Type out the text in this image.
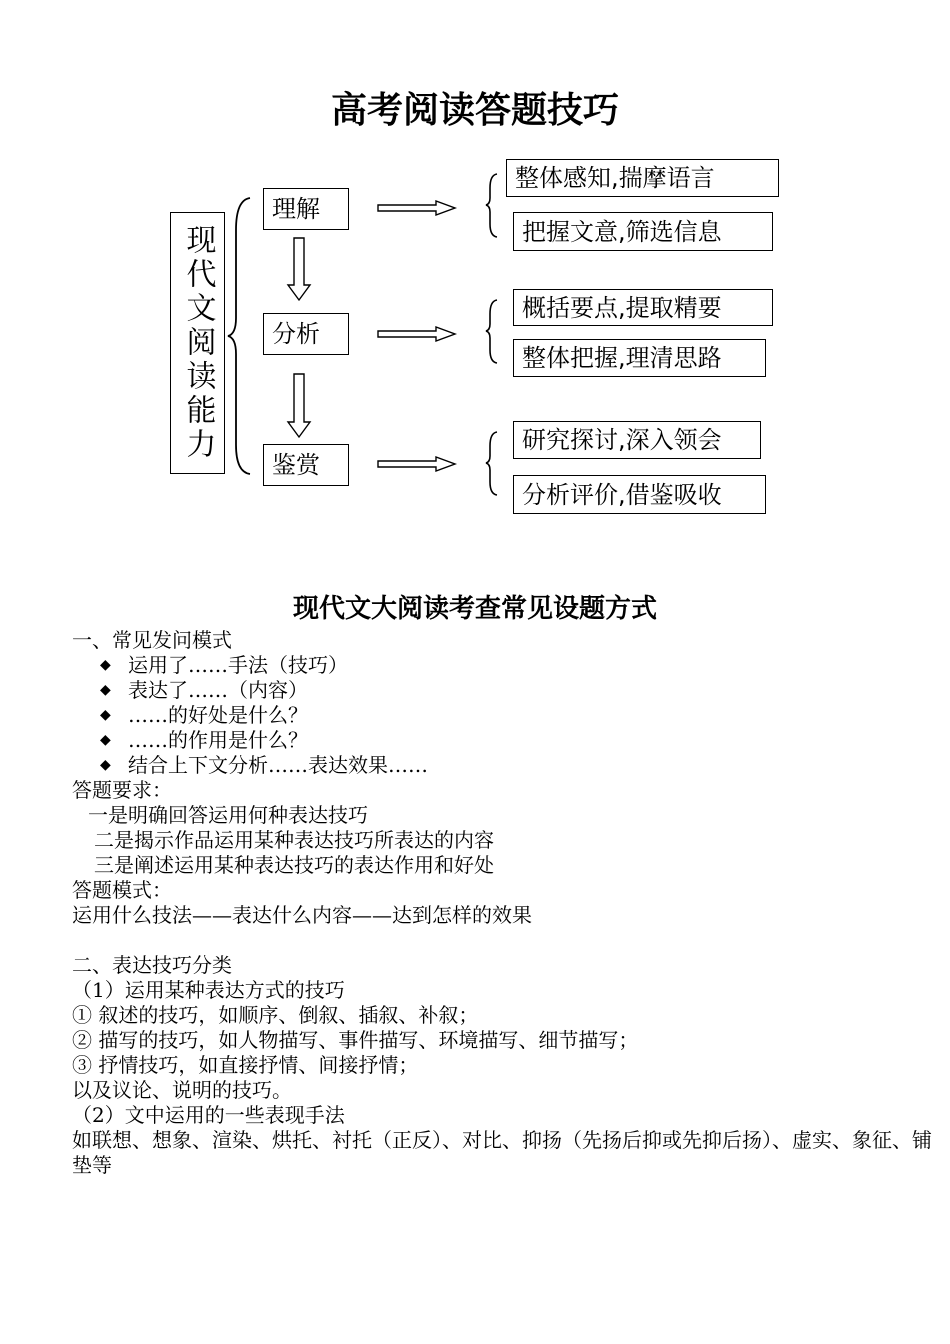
高考阅读答题技巧
现代文阅读能力
理解
分析
鉴赏
整体感知,揣摩语言
把握文意,筛选信息
概括要点,提取精要
整体把握,理清思路
研究探讨,深入领会
分析评价,借鉴吸收
现代文大阅读考查常见设题方式
一、常见发问模式
◆ 运用了……手法（技巧）
◆ 表达了……（内容）
◆ ……的好处是什么？
◆ ……的作用是什么？
◆ 结合上下文分析……表达效果……
答题要求：
一是明确回答运用何种表达技巧
二是揭示作品运用某种表达技巧所表达的内容
三是阐述运用某种表达技巧的表达作用和好处
答题模式：
运用什么技法——表达什么内容——达到怎样的效果
二、表达技巧分类
（1）运用某种表达方式的技巧
① 叙述的技巧，如顺序、倒叙、插叙、补叙；
② 描写的技巧，如人物描写、事件描写、环境描写、细节描写；
③ 抒情技巧，如直接抒情、间接抒情；
以及议论、说明的技巧。
（2）文中运用的一些表现手法
如联想、想象、渲染、烘托、衬托（正反）、对比、抑扬（先扬后抑或先抑后扬）、虚实、象征、铺垫等
